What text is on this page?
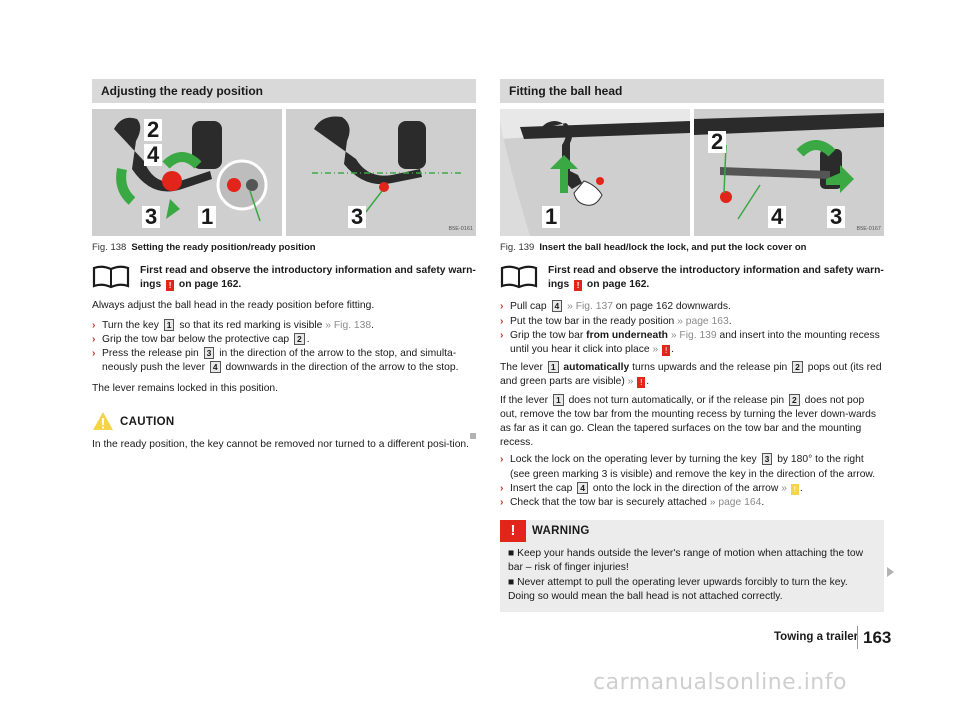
Adjusting the ready position
B5E-0161
2
4
3 1	3
Fig. 138 Setting the ready position/ready position
First read and observe the introductory information and safety warn-
ings ! on page 162.

Always adjust the ball head in the ready position before fitting.

› Turn the key 1 so that its red marking is visible » Fig. 138.
› Grip the tow bar below the protective cap 2 .
› Press the release pin 3 in the direction of the arrow to the stop, and simulta-neously push the lever 4 downwards in the direction of the arrow to the stop.

The lever remains locked in this position.

CAUTION

In the ready position, the key cannot be removed nor turned to a different posi-tion.

Fitting the ball head
B5E-0167
1
2
4 3
Fig. 139 Insert the ball head/lock the lock, and put the lock cover on
First read and observe the introductory information and safety warn-
ings ! on page 162.
› Pull cap 4 » Fig. 137 on page 162 downwards.
› Put the tow bar in the ready position » page 163.
› Grip the tow bar from underneath » Fig. 139 and insert into the mounting recess until you hear it click into place » ! .

The lever 1 automatically turns upwards and the release pin 2 pops out (its red and green parts are visible) » ! .

If the lever 1 does not turn automatically, or if the release pin 2 does not pop out, remove the tow bar from the mounting recess by turning the lever down-wards as far as it can go. Clean the tapered surfaces on the tow bar and the mounting recess.

› Lock the lock on the operating lever by turning the key 3 by 180° to the right (see green marking 3 is visible) and remove the key in the direction of the arrow.
› Insert the cap 4 onto the lock in the direction of the arrow » ! .
› Check that the tow bar is securely attached » page 164.
!	WARNING
■ Keep your hands outside the lever's range of motion when attaching the tow bar – risk of finger injuries!
■ Never attempt to pull the operating lever upwards forcibly to turn the key. Doing so would mean the ball head is not attached correctly.
Towing a trailer 163
carmanualsonline.info
